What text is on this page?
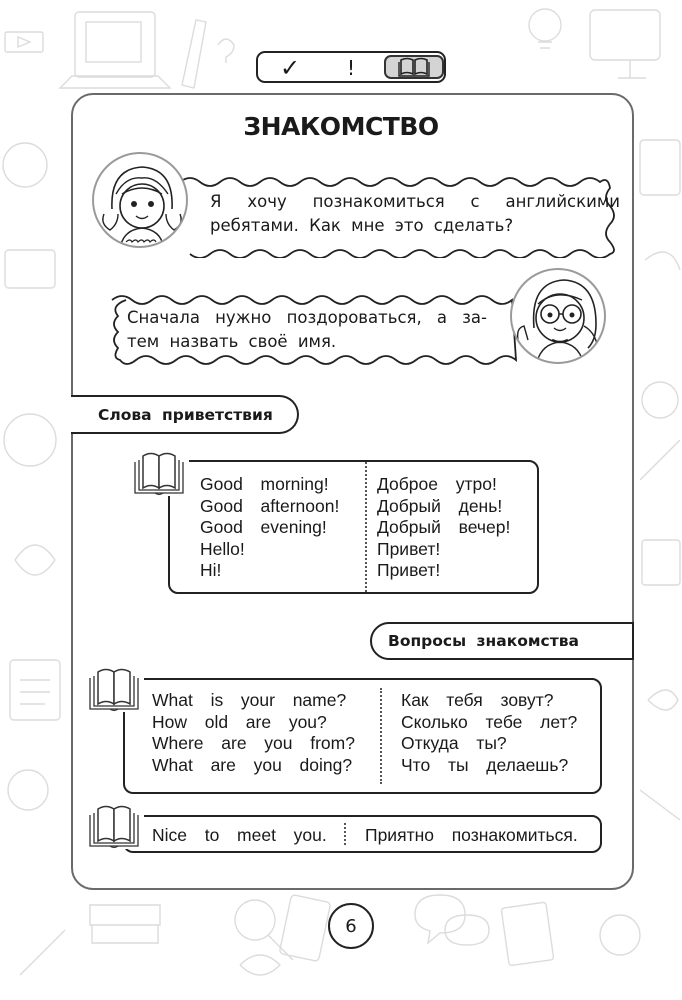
✓ !
ЗНАКОМСТВО
Я хочу познакомиться с английскими
ребятами. Как мне это сделать?
Сначала нужно поздороваться, а за-
тем назвать своё имя.
Слова приветствия
Good  morning!
Good  afternoon!
Good  evening!
Hello!
Hi!
Доброе  утро!
Добрый  день!
Добрый  вечер!
Привет!
Привет!
Вопросы знакомства
What  is  your  name?
How  old  are  you?
Where  are  you  from?
What  are  you  doing?
Как  тебя  зовут?
Сколько  тебе  лет?
Откуда  ты?
Что  ты  делаешь?
Nice  to  meet  you. Приятно  познакомиться.
6
